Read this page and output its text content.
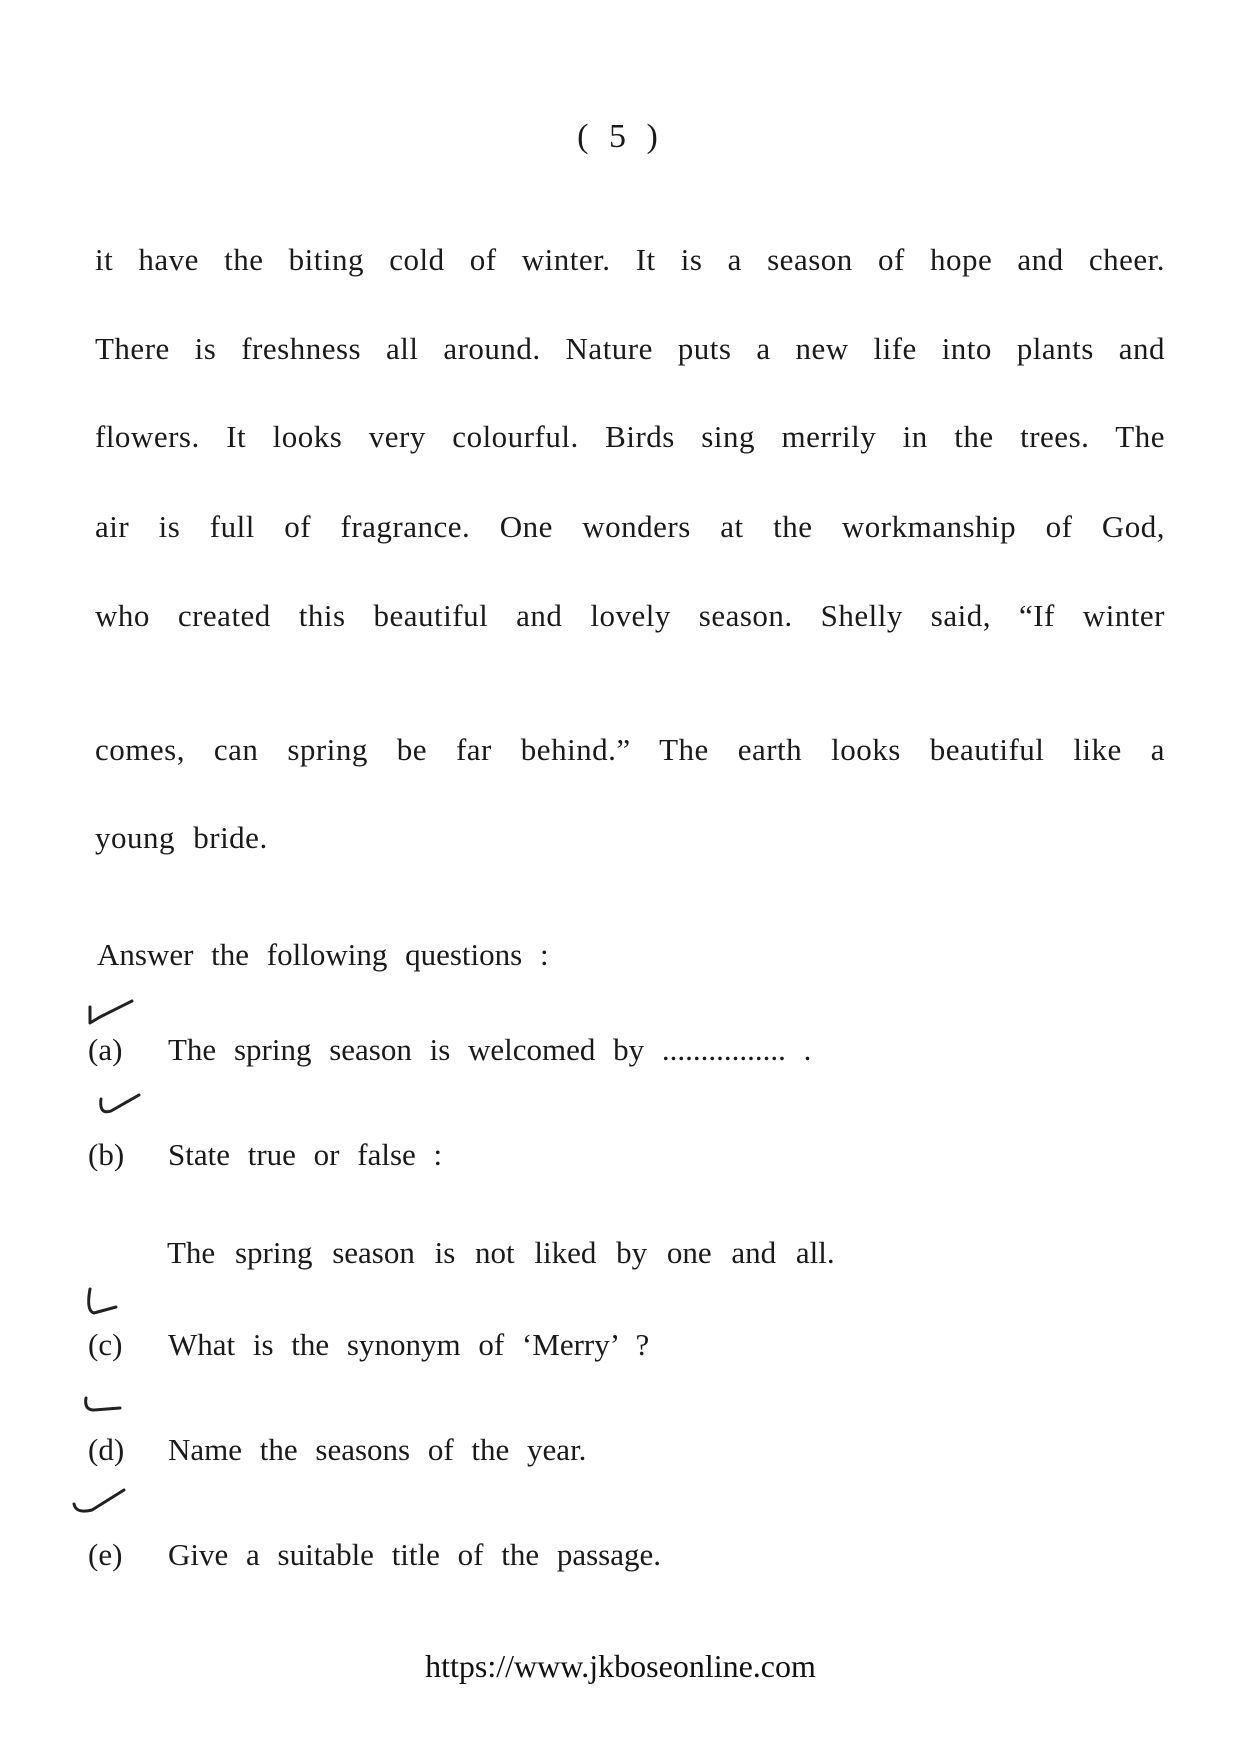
( 5 )
it have the biting cold of winter. It is a season of hope and cheer.
There is freshness all around. Nature puts a new life into plants and
flowers. It looks very colourful. Birds sing merrily in the trees. The
air is full of fragrance. One wonders at the workmanship of God,
who created this beautiful and lovely season. Shelly said, “If winter
comes, can spring be far behind.” The earth looks beautiful like a
young bride.
Answer the following questions :
(a) The spring season is welcomed by ................ .
(b) State true or false :
The spring season is not liked by one and all.
(c) What is the synonym of ‘Merry’ ?
(d) Name the seasons of the year.
(e) Give a suitable title of the passage.
https://www.jkboseonline.com
